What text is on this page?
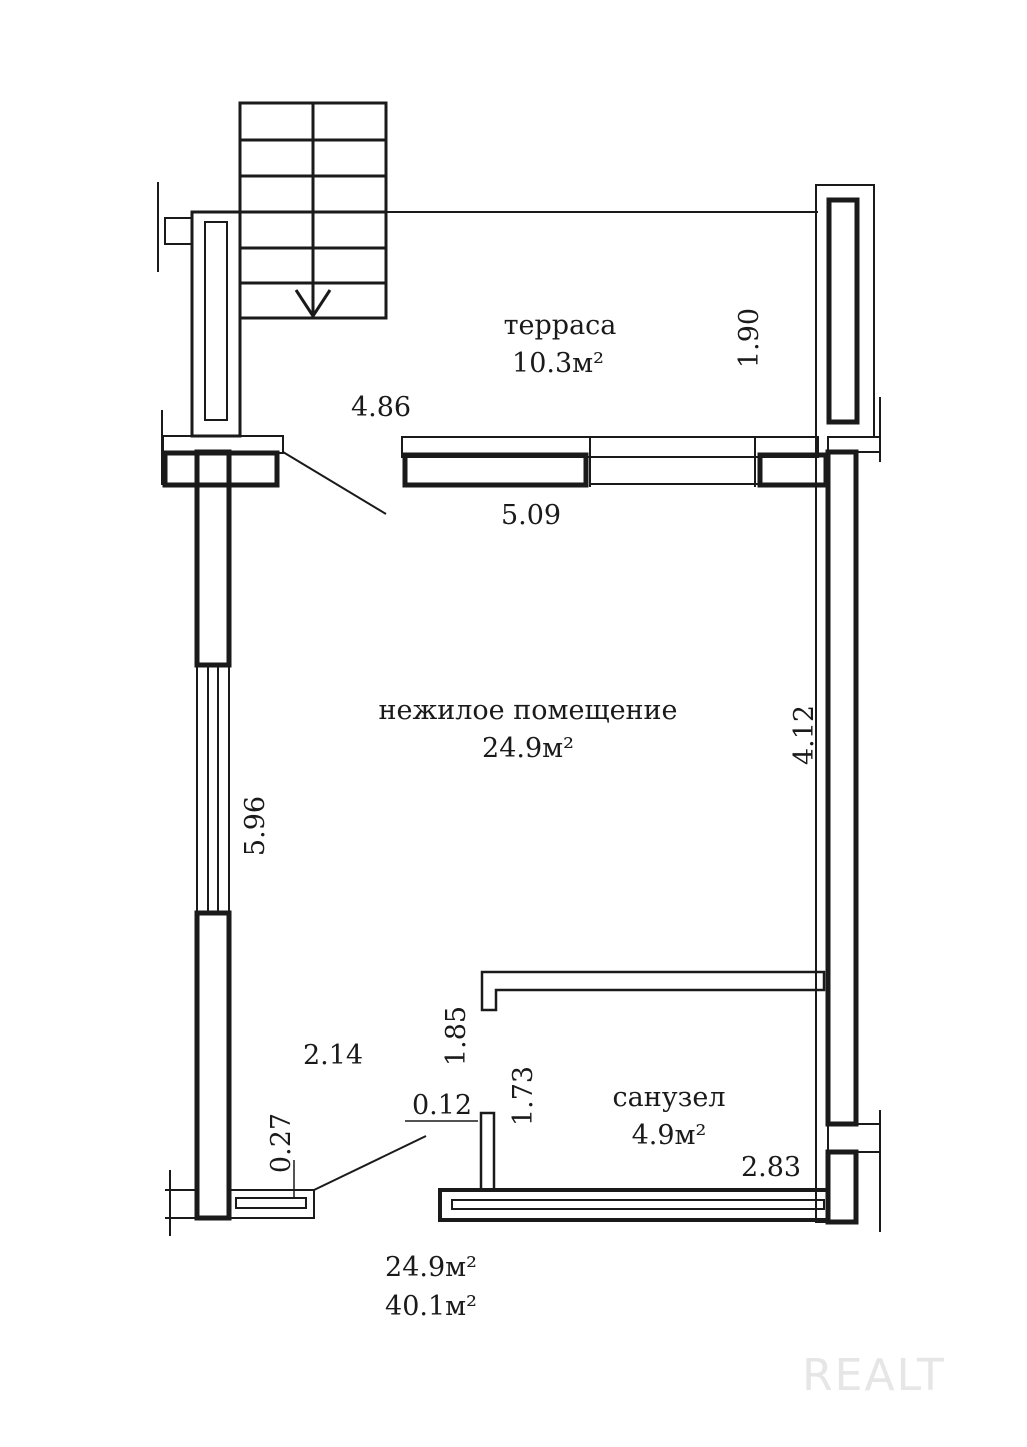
терраса
10.3м²
нежилое помещение
24.9м²
санузел
4.9м²
4.86
1.90
5.09
4.12
5.96
2.14
0.12
0.27
1.85
1.73
2.83
24.9м²
40.1м²
REALT
